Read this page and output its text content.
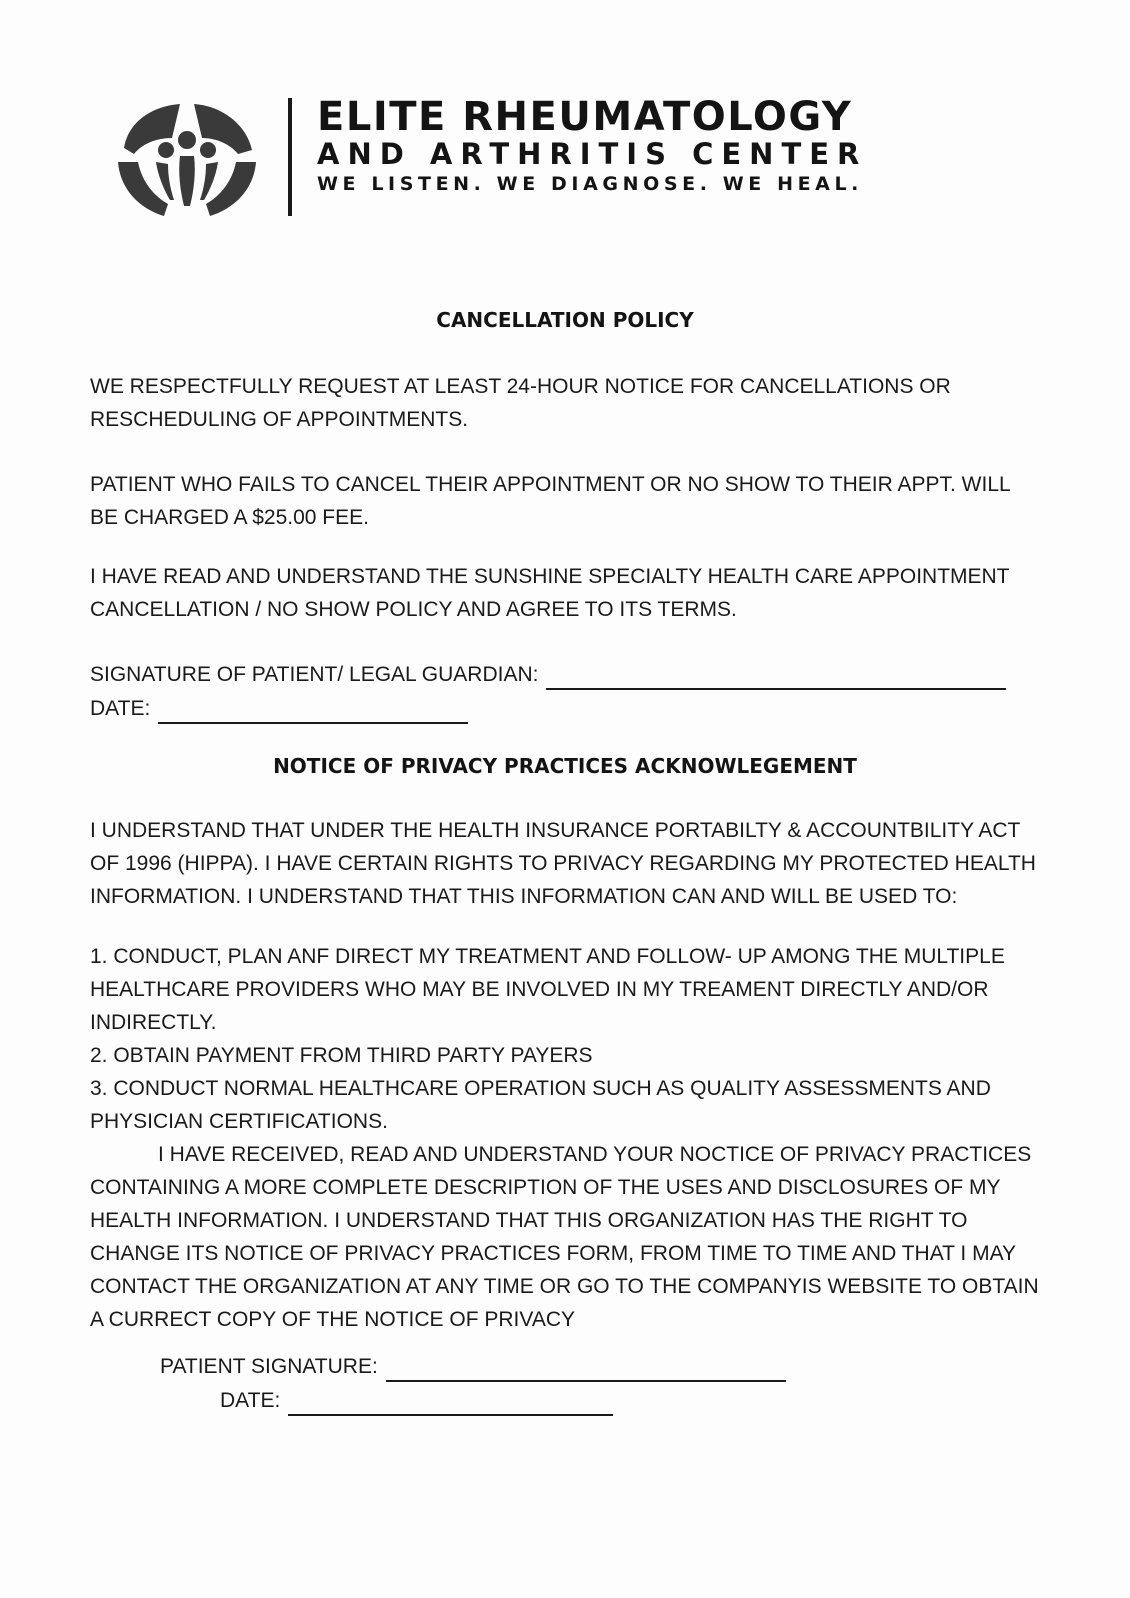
ELITE RHEUMATOLOGY
AND ARTHRITIS CENTER
WE LISTEN. WE DIAGNOSE. WE HEAL.
CANCELLATION POLICY

WE RESPECTFULLY REQUEST AT LEAST 24-HOUR NOTICE FOR CANCELLATIONS OR RESCHEDULING OF APPOINTMENTS.

PATIENT WHO FAILS TO CANCEL THEIR APPOINTMENT OR NO SHOW TO THEIR APPT. WILL BE CHARGED A $25.00 FEE.

I HAVE READ AND UNDERSTAND THE SUNSHINE SPECIALTY HEALTH CARE APPOINTMENT CANCELLATION / NO SHOW POLICY AND AGREE TO ITS TERMS.

SIGNATURE OF PATIENT/ LEGAL GUARDIAN:
DATE:
NOTICE OF PRIVACY PRACTICES ACKNOWLEGEMENT

I UNDERSTAND THAT UNDER THE HEALTH INSURANCE PORTABILTY & ACCOUNTBILITY ACT OF 1996 (HIPPA). I HAVE CERTAIN RIGHTS TO PRIVACY REGARDING MY PROTECTED HEALTH INFORMATION. I UNDERSTAND THAT THIS INFORMATION CAN AND WILL BE USED TO:

1. CONDUCT, PLAN ANF DIRECT MY TREATMENT AND FOLLOW- UP AMONG THE MULTIPLE HEALTHCARE PROVIDERS WHO MAY BE INVOLVED IN MY TREAMENT DIRECTLY AND/OR INDIRECTLY.

2. OBTAIN PAYMENT FROM THIRD PARTY PAYERS

3. CONDUCT NORMAL HEALTHCARE OPERATION SUCH AS QUALITY ASSESSMENTS AND PHYSICIAN CERTIFICATIONS.

I HAVE RECEIVED, READ AND UNDERSTAND YOUR NOCTICE OF PRIVACY PRACTICES CONTAINING A MORE COMPLETE DESCRIPTION OF THE USES AND DISCLOSURES OF MY HEALTH INFORMATION. I UNDERSTAND THAT THIS ORGANIZATION HAS THE RIGHT TO CHANGE ITS NOTICE OF PRIVACY PRACTICES FORM, FROM TIME TO TIME AND THAT I MAY CONTACT THE ORGANIZATION AT ANY TIME OR GO TO THE COMPANYIS WEBSITE TO OBTAIN A CURRECT COPY OF THE NOTICE OF PRIVACY

PATIENT SIGNATURE:
DATE:
